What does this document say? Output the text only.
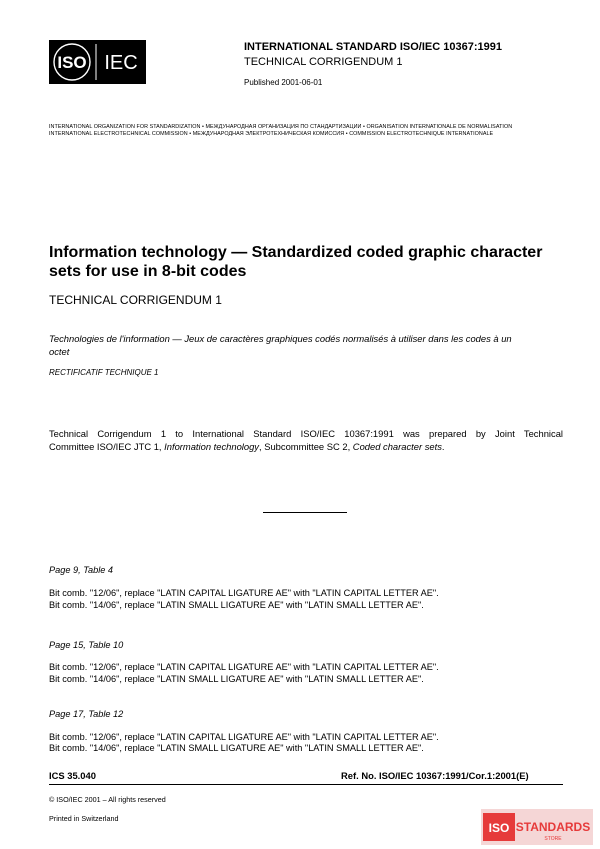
ISO IEC
INTERNATIONAL STANDARD ISO/IEC 10367:1991
TECHNICAL CORRIGENDUM 1
Published 2001-06-01
INTERNATIONAL ORGANIZATION FOR STANDARDIZATION • МЕЖДУНАРОДНАЯ ОРГАНИЗАЦИЯ ПО СТАНДАРТИЗАЦИИ • ORGANISATION INTERNATIONALE DE NORMALISATION
INTERNATIONAL ELECTROTECHNICAL COMMISSION • МЕЖДУНАРОДНАЯ ЭЛЕКТРОТЕХНИЧЕСКАЯ КОМИССИЯ • COMMISSION ELECTROTECHNIQUE INTERNATIONALE
Information technology — Standardized coded graphic character
sets for use in 8-bit codes
TECHNICAL CORRIGENDUM 1
Technologies de l'information — Jeux de caractères graphiques codés normalisés à utiliser dans les codes à un
octet
RECTIFICATIF TECHNIQUE 1
Technical Corrigendum 1 to International Standard ISO/IEC 10367:1991 was prepared by Joint Technical
Committee ISO/IEC JTC 1, Information technology, Subcommittee SC 2, Coded character sets.
Page 9, Table 4
Bit comb. "12/06", replace "LATIN CAPITAL LIGATURE AE" with "LATIN CAPITAL LETTER AE".
Bit comb. "14/06", replace "LATIN SMALL LIGATURE AE" with "LATIN SMALL LETTER AE".
Page 15, Table 10
Bit comb. "12/06", replace "LATIN CAPITAL LIGATURE AE" with "LATIN CAPITAL LETTER AE".
Bit comb. "14/06", replace "LATIN SMALL LIGATURE AE" with "LATIN SMALL LETTER AE".
Page 17, Table 12
Bit comb. "12/06", replace "LATIN CAPITAL LIGATURE AE" with "LATIN CAPITAL LETTER AE".
Bit comb. "14/06", replace "LATIN SMALL LIGATURE AE" with "LATIN SMALL LETTER AE".
ICS 35.040	Ref. No. ISO/IEC 10367:1991/Cor.1:2001(E)
© ISO/IEC 2001 – All rights reserved
Printed in Switzerland
ISO STANDARDS
STORE
